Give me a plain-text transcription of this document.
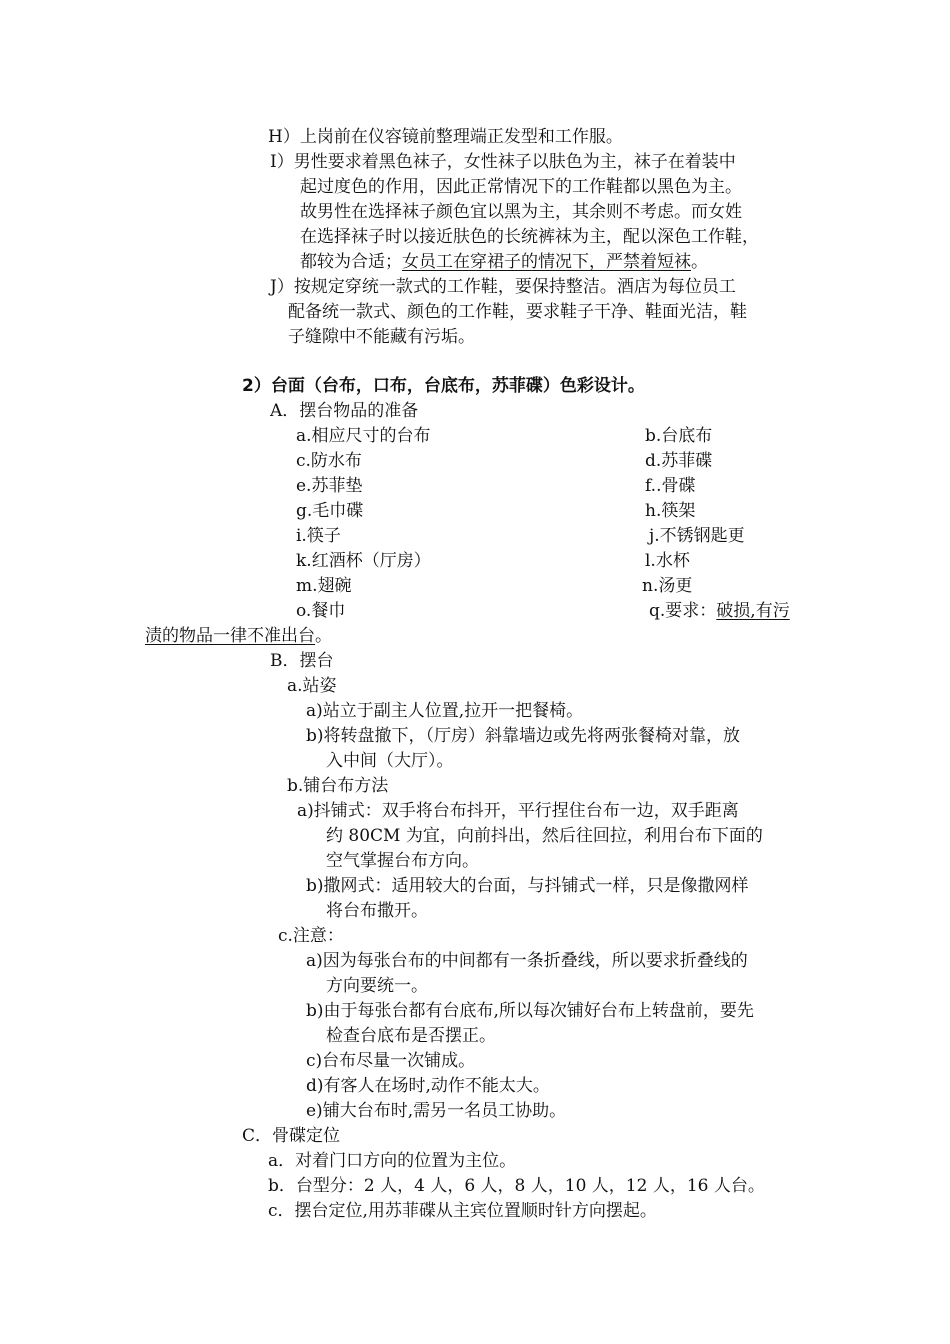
H）上岗前在仪容镜前整理端正发型和工作服。
I）男性要求着黑色袜子，女性袜子以肤色为主，袜子在着装中
起过度色的作用，因此正常情况下的工作鞋都以黑色为主。
故男性在选择袜子颜色宜以黑为主，其余则不考虑。而女姓
在选择袜子时以接近肤色的长统裤袜为主，配以深色工作鞋，
都较为合适；女员工在穿裙子的情况下，严禁着短袜。
J）按规定穿统一款式的工作鞋，要保持整洁。酒店为每位员工
配备统一款式、颜色的工作鞋，要求鞋子干净、鞋面光洁，鞋
子缝隙中不能藏有污垢。
2）台面（台布，口布，台底布，苏菲碟）色彩设计。
A．摆台物品的准备
a.相应尺寸的台布	b.台底布
c.防水布	d.苏菲碟
e.苏菲垫	f..骨碟
g.毛巾碟	h.筷架
i.筷子	j.不锈钢匙更
k.红酒杯（厅房）	l.水杯
m.翅碗	n.汤更
o.餐巾	q.要求：破损,有污
渍的物品一律不准出台。
B．摆台
a.站姿
a)站立于副主人位置,拉开一把餐椅。
b)将转盘撤下，（厅房）斜靠墙边或先将两张餐椅对靠，放
入中间（大厅）。
b.铺台布方法
a)抖铺式：双手将台布抖开，平行捏住台布一边，双手距离
约 80CM 为宜，向前抖出，然后往回拉，利用台布下面的
空气掌握台布方向。
b)撒网式：适用较大的台面，与抖铺式一样，只是像撒网样
将台布撒开。
c.注意：
a)因为每张台布的中间都有一条折叠线，所以要求折叠线的
方向要统一。
b)由于每张台都有台底布,所以每次铺好台布上转盘前，要先
检查台底布是否摆正。
c)台布尽量一次铺成。
d)有客人在场时,动作不能太大。
e)铺大台布时,需另一名员工协助。
C．骨碟定位
a．对着门口方向的位置为主位。
b．台型分：2 人，4 人，6 人，8 人，10 人，12 人，16 人台。
c．摆台定位,用苏菲碟从主宾位置顺时针方向摆起。
